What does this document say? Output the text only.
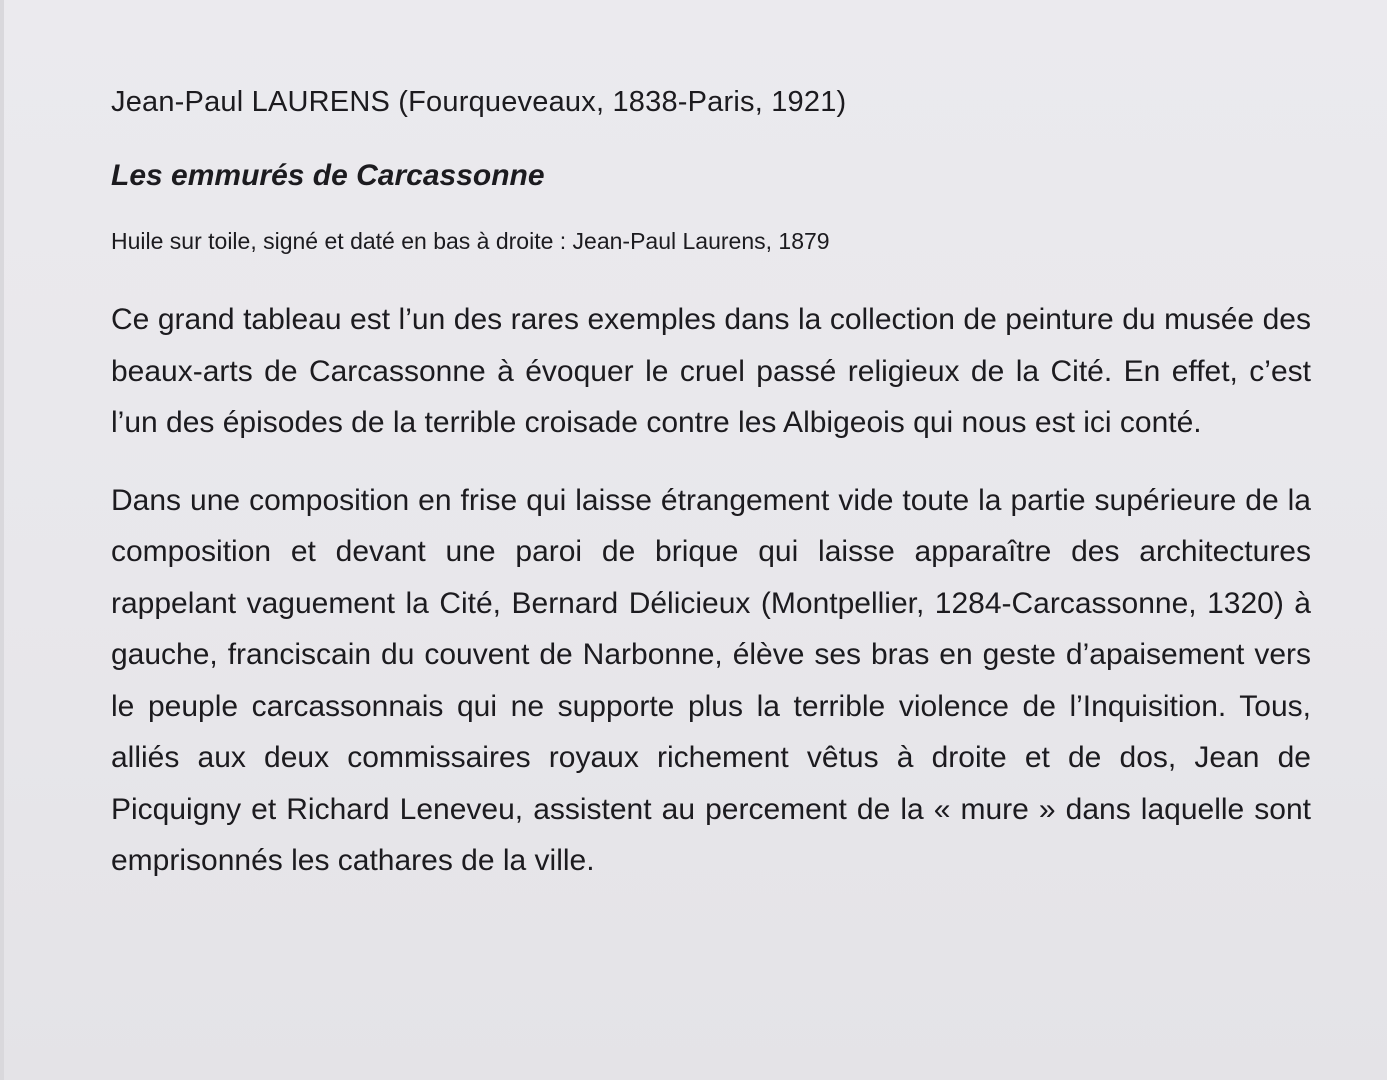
Jean-Paul LAURENS (Fourqueveaux, 1838-Paris, 1921)

Les emmurés de Carcassonne

Huile sur toile, signé et daté en bas à droite : Jean-Paul Laurens, 1879

Ce grand tableau est l’un des rares exemples dans la collection de peinture du musée des beaux-arts de Carcassonne à évoquer le cruel passé religieux de la Cité. En effet, c’est l’un des épisodes de la terrible croisade contre les Albigeois qui nous est ici conté.

Dans une composition en frise qui laisse étrangement vide toute la partie supérieure de la composition et devant une paroi de brique qui laisse apparaître des architectures rappelant vaguement la Cité, Bernard Délicieux (Montpellier, 1284-Carcassonne, 1320) à gauche, franciscain du couvent de Narbonne, élève ses bras en geste d’apaisement vers le peuple carcassonnais qui ne supporte plus la terrible violence de l’Inquisition. Tous, alliés aux deux commissaires royaux richement vêtus à droite et de dos, Jean de Picquigny et Richard Leneveu, assistent au percement de la « mure » dans laquelle sont emprisonnés les cathares de la ville.
